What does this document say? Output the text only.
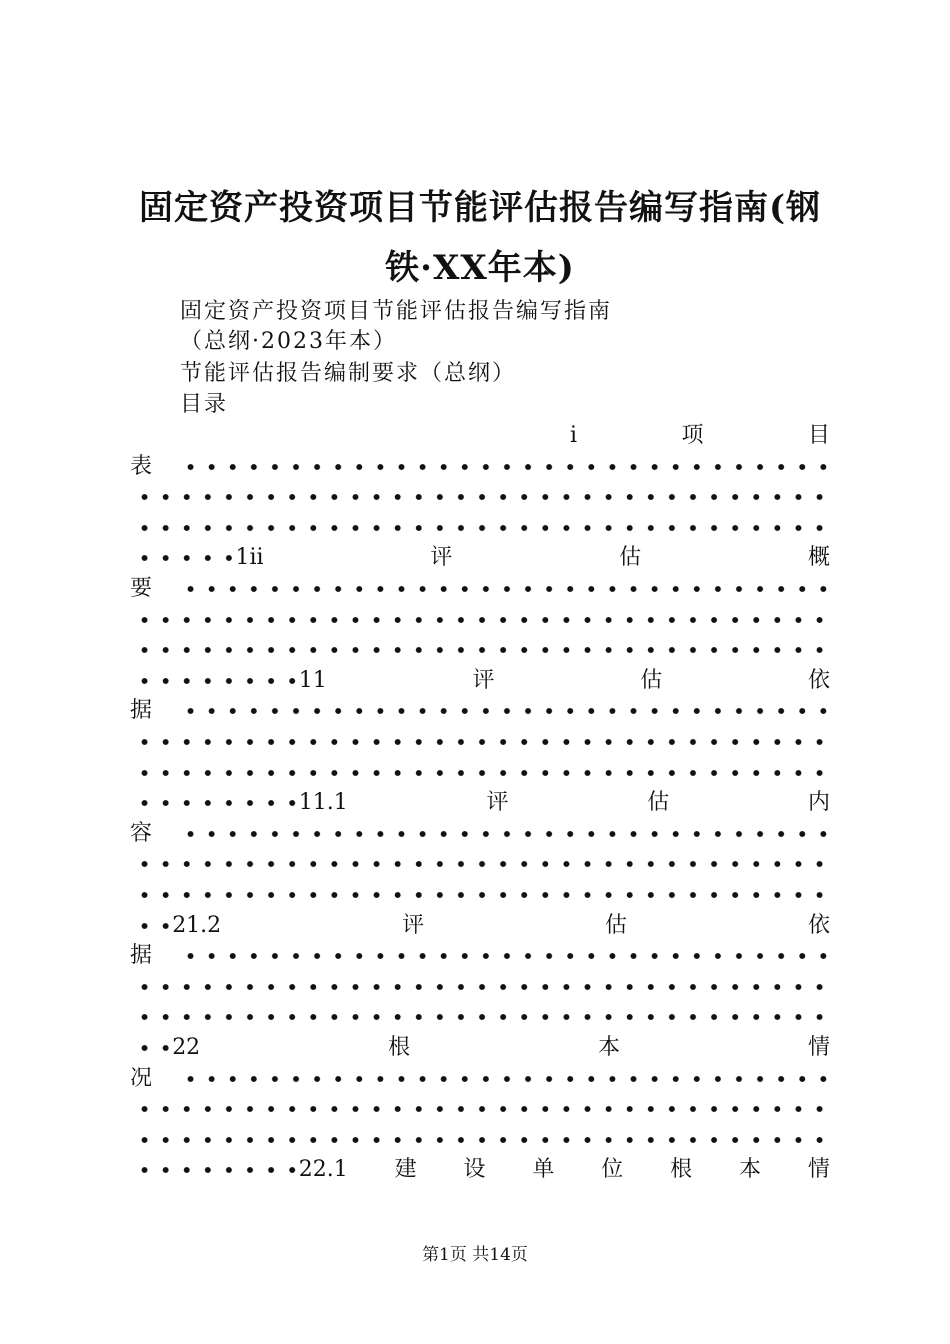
固定资产投资项目节能评估报告编写指南(钢
铁·XX年本)
固定资产投资项目节能评估报告编写指南
（总纲·2023年本）
节能评估报告编制要求（总纲）
目录
i	项	目
表
1ii	评	估	概
要
11	评	估	依
据
11.1	评	估	内
容
21.2	评	估	依
据
22	根	本	情
况
22.1 建 设 单 位 根 本 情
第1页 共14页
